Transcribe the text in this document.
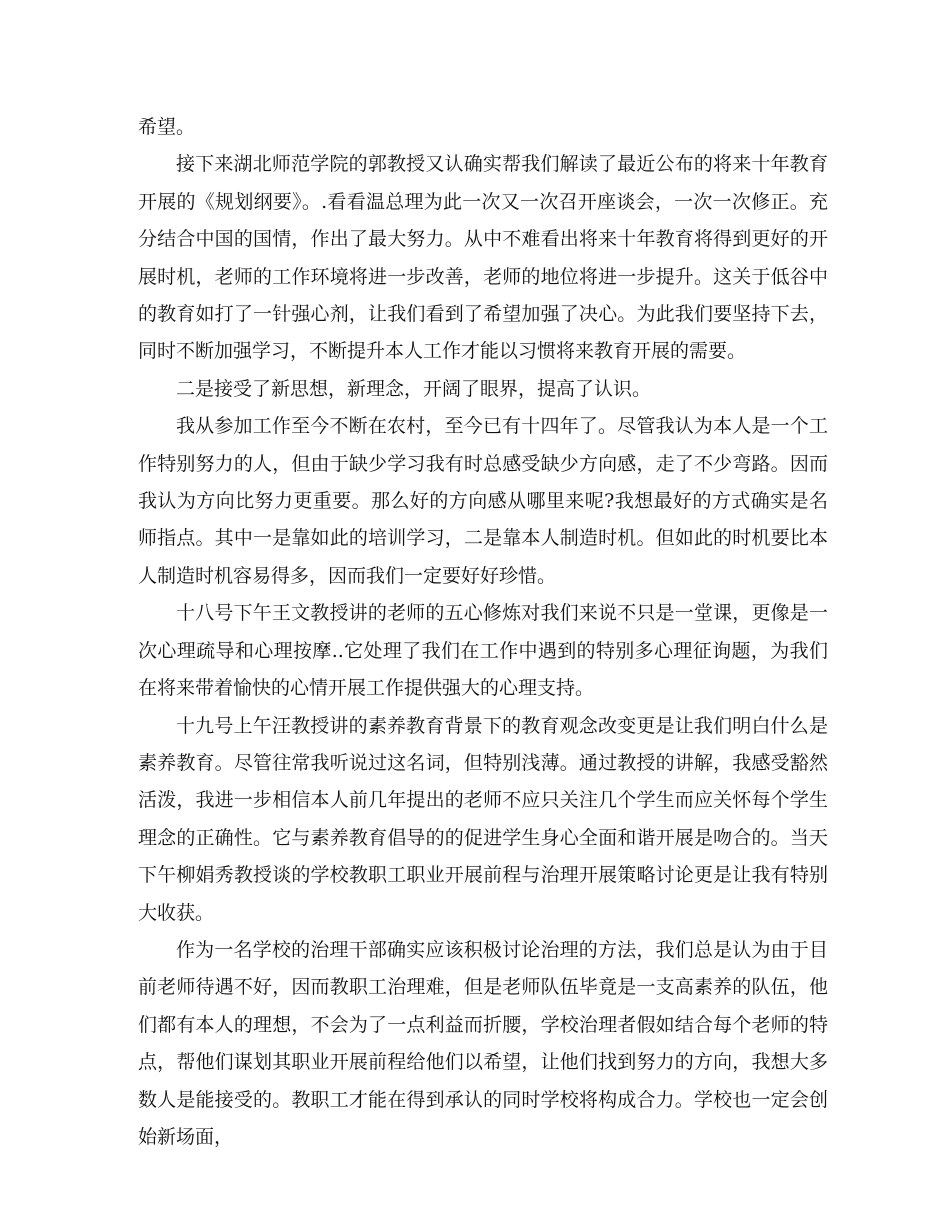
希望。

接下来湖北师范学院的郭教授又认确实帮我们解读了最近公布的将来十年教育开展的《规划纲要》。.看看温总理为此一次又一次召开座谈会，一次一次修正。充分结合中国的国情，作出了最大努力。从中不难看出将来十年教育将得到更好的开展时机，老师的工作环境将进一步改善，老师的地位将进一步提升。这关于低谷中的教育如打了一针强心剂，让我们看到了希望加强了决心。为此我们要坚持下去，同时不断加强学习，不断提升本人工作才能以习惯将来教育开展的需要。

二是接受了新思想，新理念，开阔了眼界，提高了认识。

我从参加工作至今不断在农村，至今已有十四年了。尽管我认为本人是一个工作特别努力的人，但由于缺少学习我有时总感受缺少方向感，走了不少弯路。因而我认为方向比努力更重要。那么好的方向感从哪里来呢?我想最好的方式确实是名师指点。其中一是靠如此的培训学习，二是靠本人制造时机。但如此的时机要比本人制造时机容易得多，因而我们一定要好好珍惜。

十八号下午王文教授讲的老师的五心修炼对我们来说不只是一堂课，更像是一次心理疏导和心理按摩..它处理了我们在工作中遇到的特别多心理征询题，为我们在将来带着愉快的心情开展工作提供强大的心理支持。

十九号上午汪教授讲的素养教育背景下的教育观念改变更是让我们明白什么是素养教育。尽管往常我听说过这名词，但特别浅薄。通过教授的讲解，我感受豁然活泼，我进一步相信本人前几年提出的老师不应只关注几个学生而应关怀每个学生理念的正确性。它与素养教育倡导的的促进学生身心全面和谐开展是吻合的。当天下午柳娟秀教授谈的学校教职工职业开展前程与治理开展策略讨论更是让我有特别大收获。

作为一名学校的治理干部确实应该积极讨论治理的方法，我们总是认为由于目前老师待遇不好，因而教职工治理难，但是老师队伍毕竟是一支高素养的队伍，他们都有本人的理想，不会为了一点利益而折腰，学校治理者假如结合每个老师的特点，帮他们谋划其职业开展前程给他们以希望，让他们找到努力的方向，我想大多数人是能接受的。教职工才能在得到承认的同时学校将构成合力。学校也一定会创始新场面，
